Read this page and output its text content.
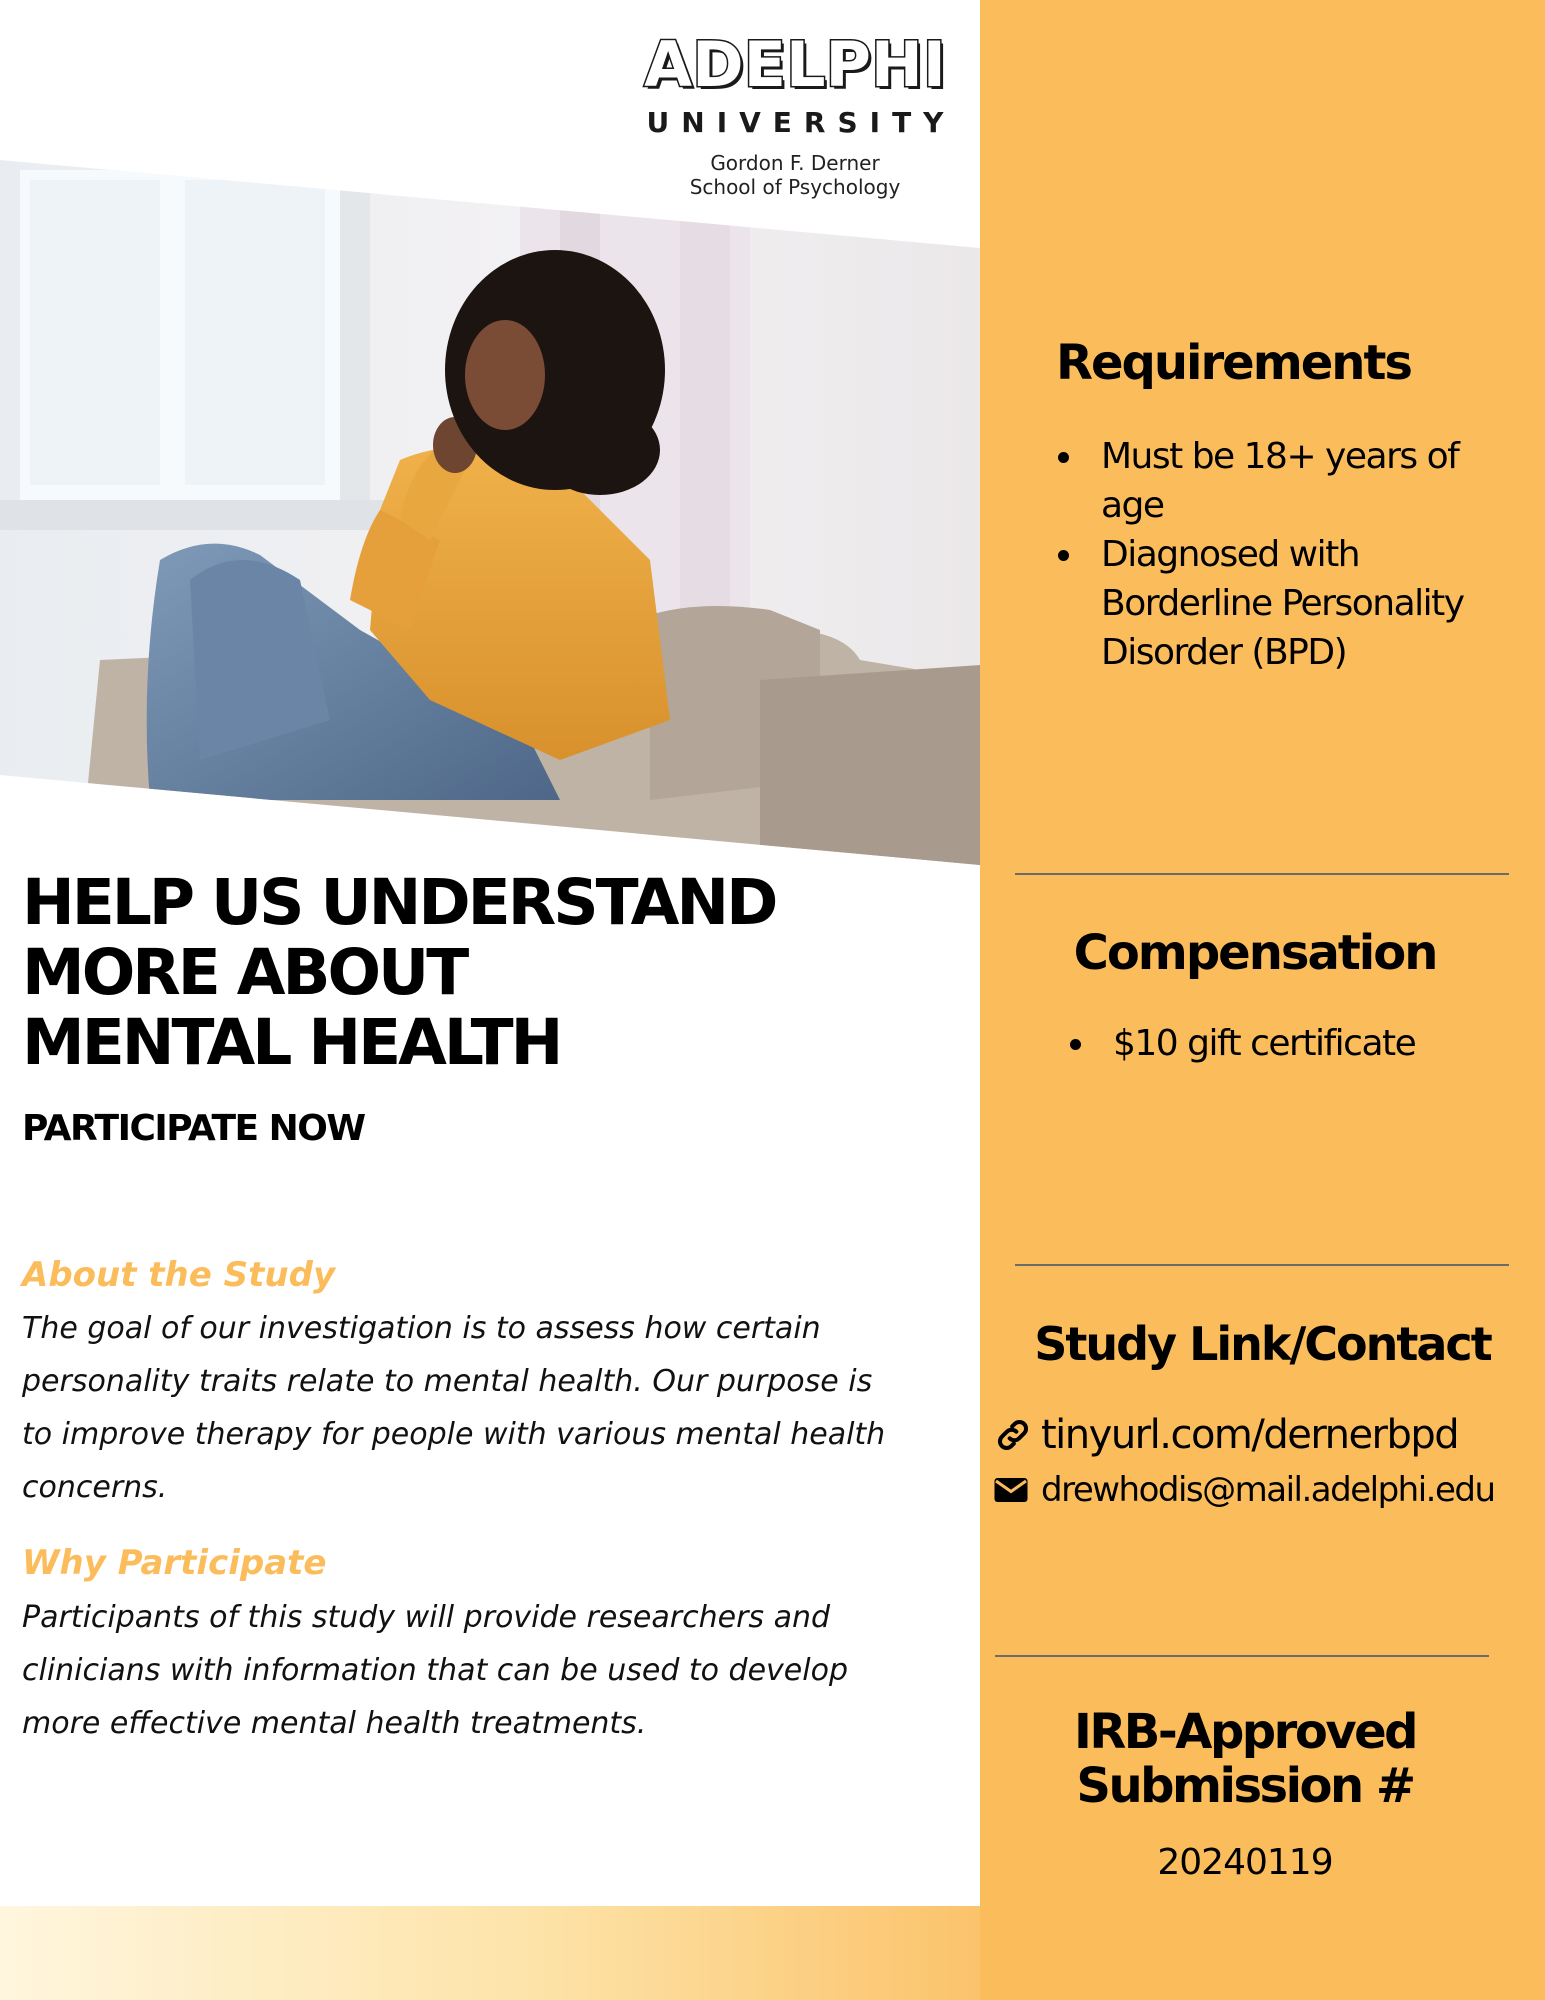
ADELPHI
UNIVERSITY
Gordon F. Derner
School of Psychology
HELP US UNDERSTAND
MORE ABOUT
MENTAL HEALTH
PARTICIPATE NOW
About the Study
The goal of our investigation is to assess how certain personality traits relate to mental health. Our purpose is to improve therapy for people with various mental health concerns.
Why Participate
Participants of this study will provide researchers and clinicians with information that can be used to develop more effective mental health treatments.
Requirements
Must be 18+ years of age
Diagnosed with Borderline Personality Disorder (BPD)
Compensation
$10 gift certificate
Study Link/Contact
tinyurl.com/dernerbpd
drewhodis@mail.adelphi.edu
IRB-Approved
Submission #
20240119
